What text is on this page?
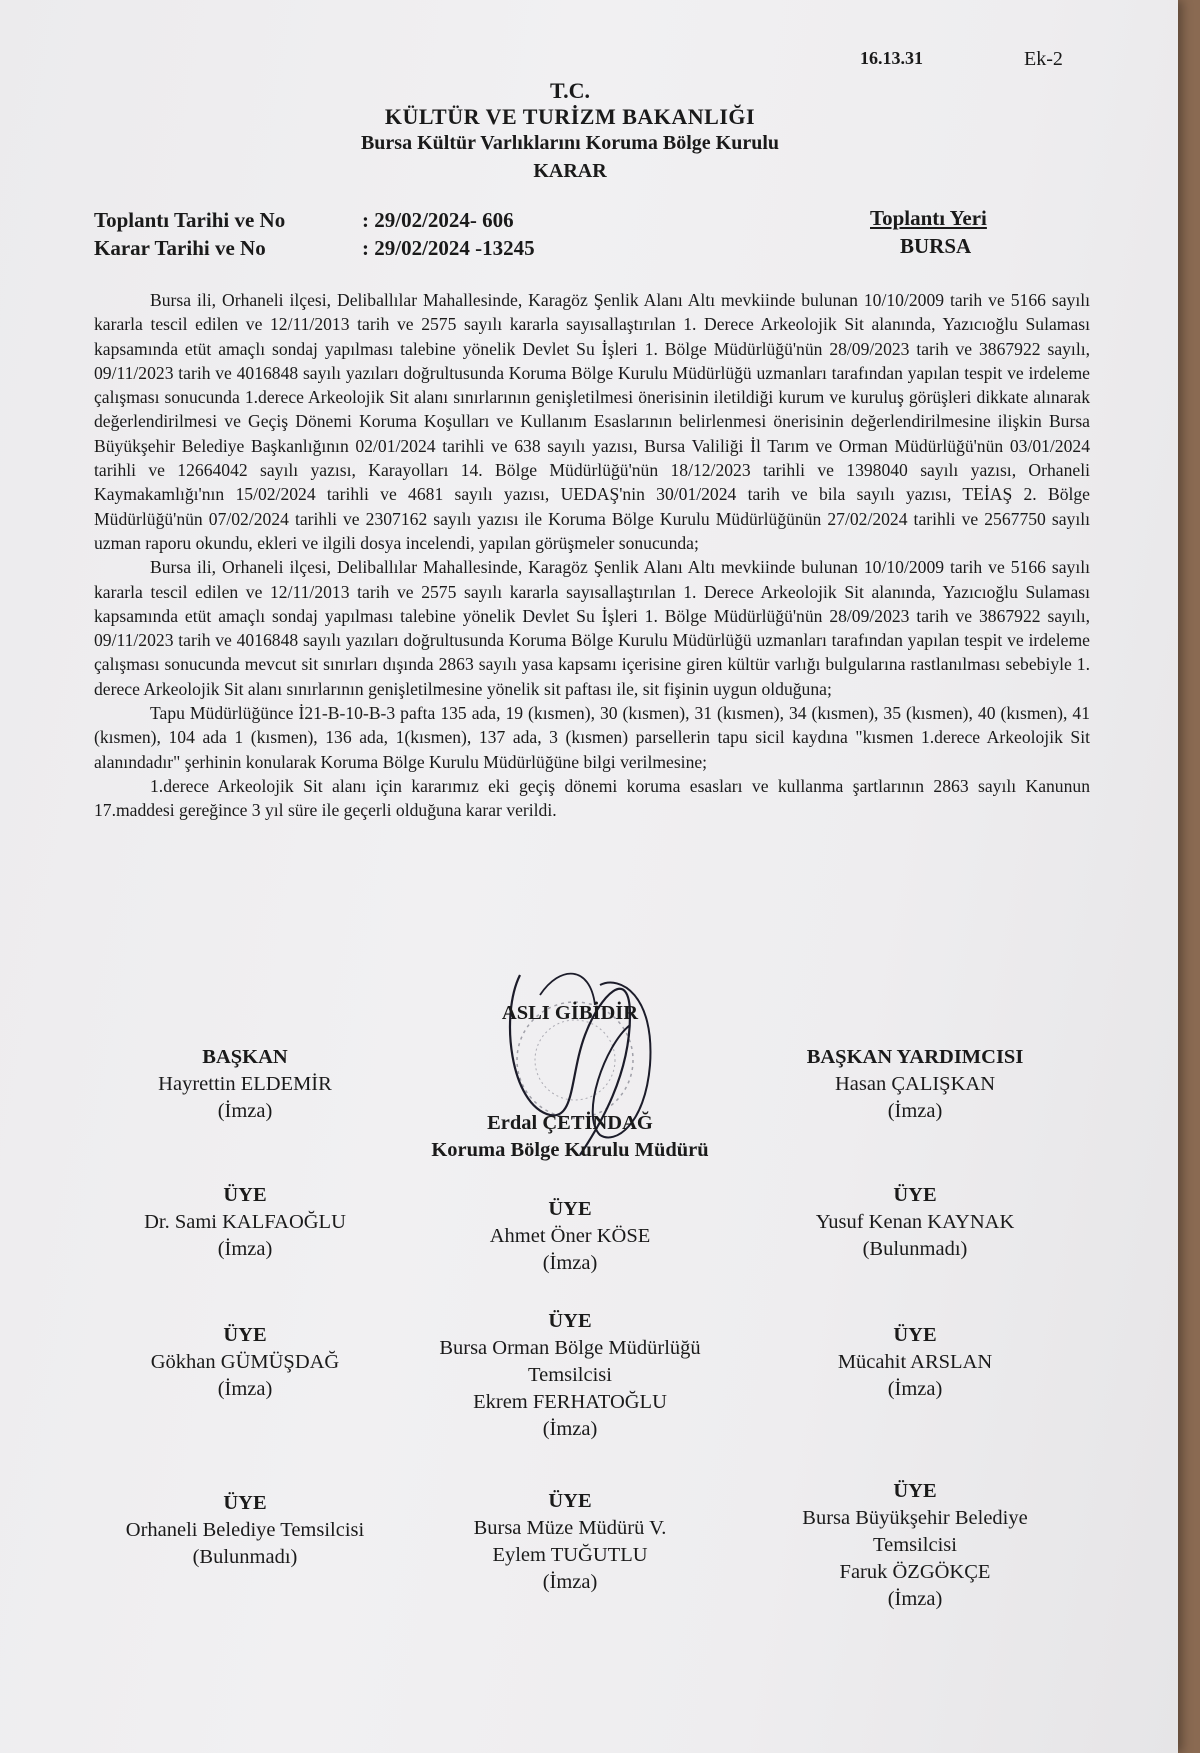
16.13.31	Ek-2
T.C.
KÜLTÜR VE TURİZM BAKANLIĞI
Bursa Kültür Varlıklarını Koruma Bölge Kurulu
KARAR
Toplantı Tarihi ve No	: 29/02/2024- 606
Karar Tarihi ve No	: 29/02/2024 -13245
Toplantı Yeri
BURSA

Bursa ili, Orhaneli ilçesi, Deliballılar Mahallesinde, Karagöz Şenlik Alanı Altı mevkiinde bulunan 10/10/2009 tarih ve 5166 sayılı kararla tescil edilen ve 12/11/2013 tarih ve 2575 sayılı kararla sayısallaştırılan 1. Derece Arkeolojik Sit alanında, Yazıcıoğlu Sulaması kapsamında etüt amaçlı sondaj yapılması talebine yönelik Devlet Su İşleri 1. Bölge Müdürlüğü'nün 28/09/2023 tarih ve 3867922 sayılı, 09/11/2023 tarih ve 4016848 sayılı yazıları doğrultusunda Koruma Bölge Kurulu Müdürlüğü uzmanları tarafından yapılan tespit ve irdeleme çalışması sonucunda 1.derece Arkeolojik Sit alanı sınırlarının genişletilmesi önerisinin iletildiği kurum ve kuruluş görüşleri dikkate alınarak değerlendirilmesi ve Geçiş Dönemi Koruma Koşulları ve Kullanım Esaslarının belirlenmesi önerisinin değerlendirilmesine ilişkin Bursa Büyükşehir Belediye Başkanlığının 02/01/2024 tarihli ve 638 sayılı yazısı, Bursa Valiliği İl Tarım ve Orman Müdürlüğü'nün 03/01/2024 tarihli ve 12664042 sayılı yazısı, Karayolları 14. Bölge Müdürlüğü'nün 18/12/2023 tarihli ve 1398040 sayılı yazısı, Orhaneli Kaymakamlığı'nın 15/02/2024 tarihli ve 4681 sayılı yazısı, UEDAŞ'nin 30/01/2024 tarih ve bila sayılı yazısı, TEİAŞ 2. Bölge Müdürlüğü'nün 07/02/2024 tarihli ve 2307162 sayılı yazısı ile Koruma Bölge Kurulu Müdürlüğünün 27/02/2024 tarihli ve 2567750 sayılı uzman raporu okundu, ekleri ve ilgili dosya incelendi, yapılan görüşmeler sonucunda;

Bursa ili, Orhaneli ilçesi, Deliballılar Mahallesinde, Karagöz Şenlik Alanı Altı mevkiinde bulunan 10/10/2009 tarih ve 5166 sayılı kararla tescil edilen ve 12/11/2013 tarih ve 2575 sayılı kararla sayısallaştırılan 1. Derece Arkeolojik Sit alanında, Yazıcıoğlu Sulaması kapsamında etüt amaçlı sondaj yapılması talebine yönelik Devlet Su İşleri 1. Bölge Müdürlüğü'nün 28/09/2023 tarih ve 3867922 sayılı, 09/11/2023 tarih ve 4016848 sayılı yazıları doğrultusunda Koruma Bölge Kurulu Müdürlüğü uzmanları tarafından yapılan tespit ve irdeleme çalışması sonucunda mevcut sit sınırları dışında 2863 sayılı yasa kapsamı içerisine giren kültür varlığı bulgularına rastlanılması sebebiyle 1. derece Arkeolojik Sit alanı sınırlarının genişletilmesine yönelik sit paftası ile, sit fişinin uygun olduğuna;

Tapu Müdürlüğünce İ21-B-10-B-3 pafta 135 ada, 19 (kısmen), 30 (kısmen), 31 (kısmen), 34 (kısmen), 35 (kısmen), 40 (kısmen), 41 (kısmen), 104 ada 1 (kısmen), 136 ada, 1(kısmen), 137 ada, 3 (kısmen) parsellerin tapu sicil kaydına "kısmen 1.derece Arkeolojik Sit alanındadır" şerhinin konularak Koruma Bölge Kurulu Müdürlüğüne bilgi verilmesine;

1.derece Arkeolojik Sit alanı için kararımız eki geçiş dönemi koruma esasları ve kullanma şartlarının 2863 sayılı Kanunun 17.maddesi gereğince 3 yıl süre ile geçerli olduğuna karar verildi.

ASLI GİBİDİR
Erdal ÇETİNDAĞ
Koruma Bölge Kurulu Müdürü
BAŞKAN
Hayrettin ELDEMİR
(İmza)
BAŞKAN YARDIMCISI
Hasan ÇALIŞKAN
(İmza)
ÜYE
Dr. Sami KALFAOĞLU
(İmza)
ÜYE
Ahmet Öner KÖSE
(İmza)
ÜYE
Yusuf Kenan KAYNAK
(Bulunmadı)
ÜYE
Gökhan GÜMÜŞDAĞ
(İmza)
ÜYE
Bursa Orman Bölge Müdürlüğü
Temsilcisi
Ekrem FERHATOĞLU
(İmza)
ÜYE
Mücahit ARSLAN
(İmza)
ÜYE
Orhaneli Belediye Temsilcisi
(Bulunmadı)
ÜYE
Bursa Müze Müdürü V.
Eylem TUĞUTLU
(İmza)
ÜYE
Bursa Büyükşehir Belediye
Temsilcisi
Faruk ÖZGÖKÇE
(İmza)
